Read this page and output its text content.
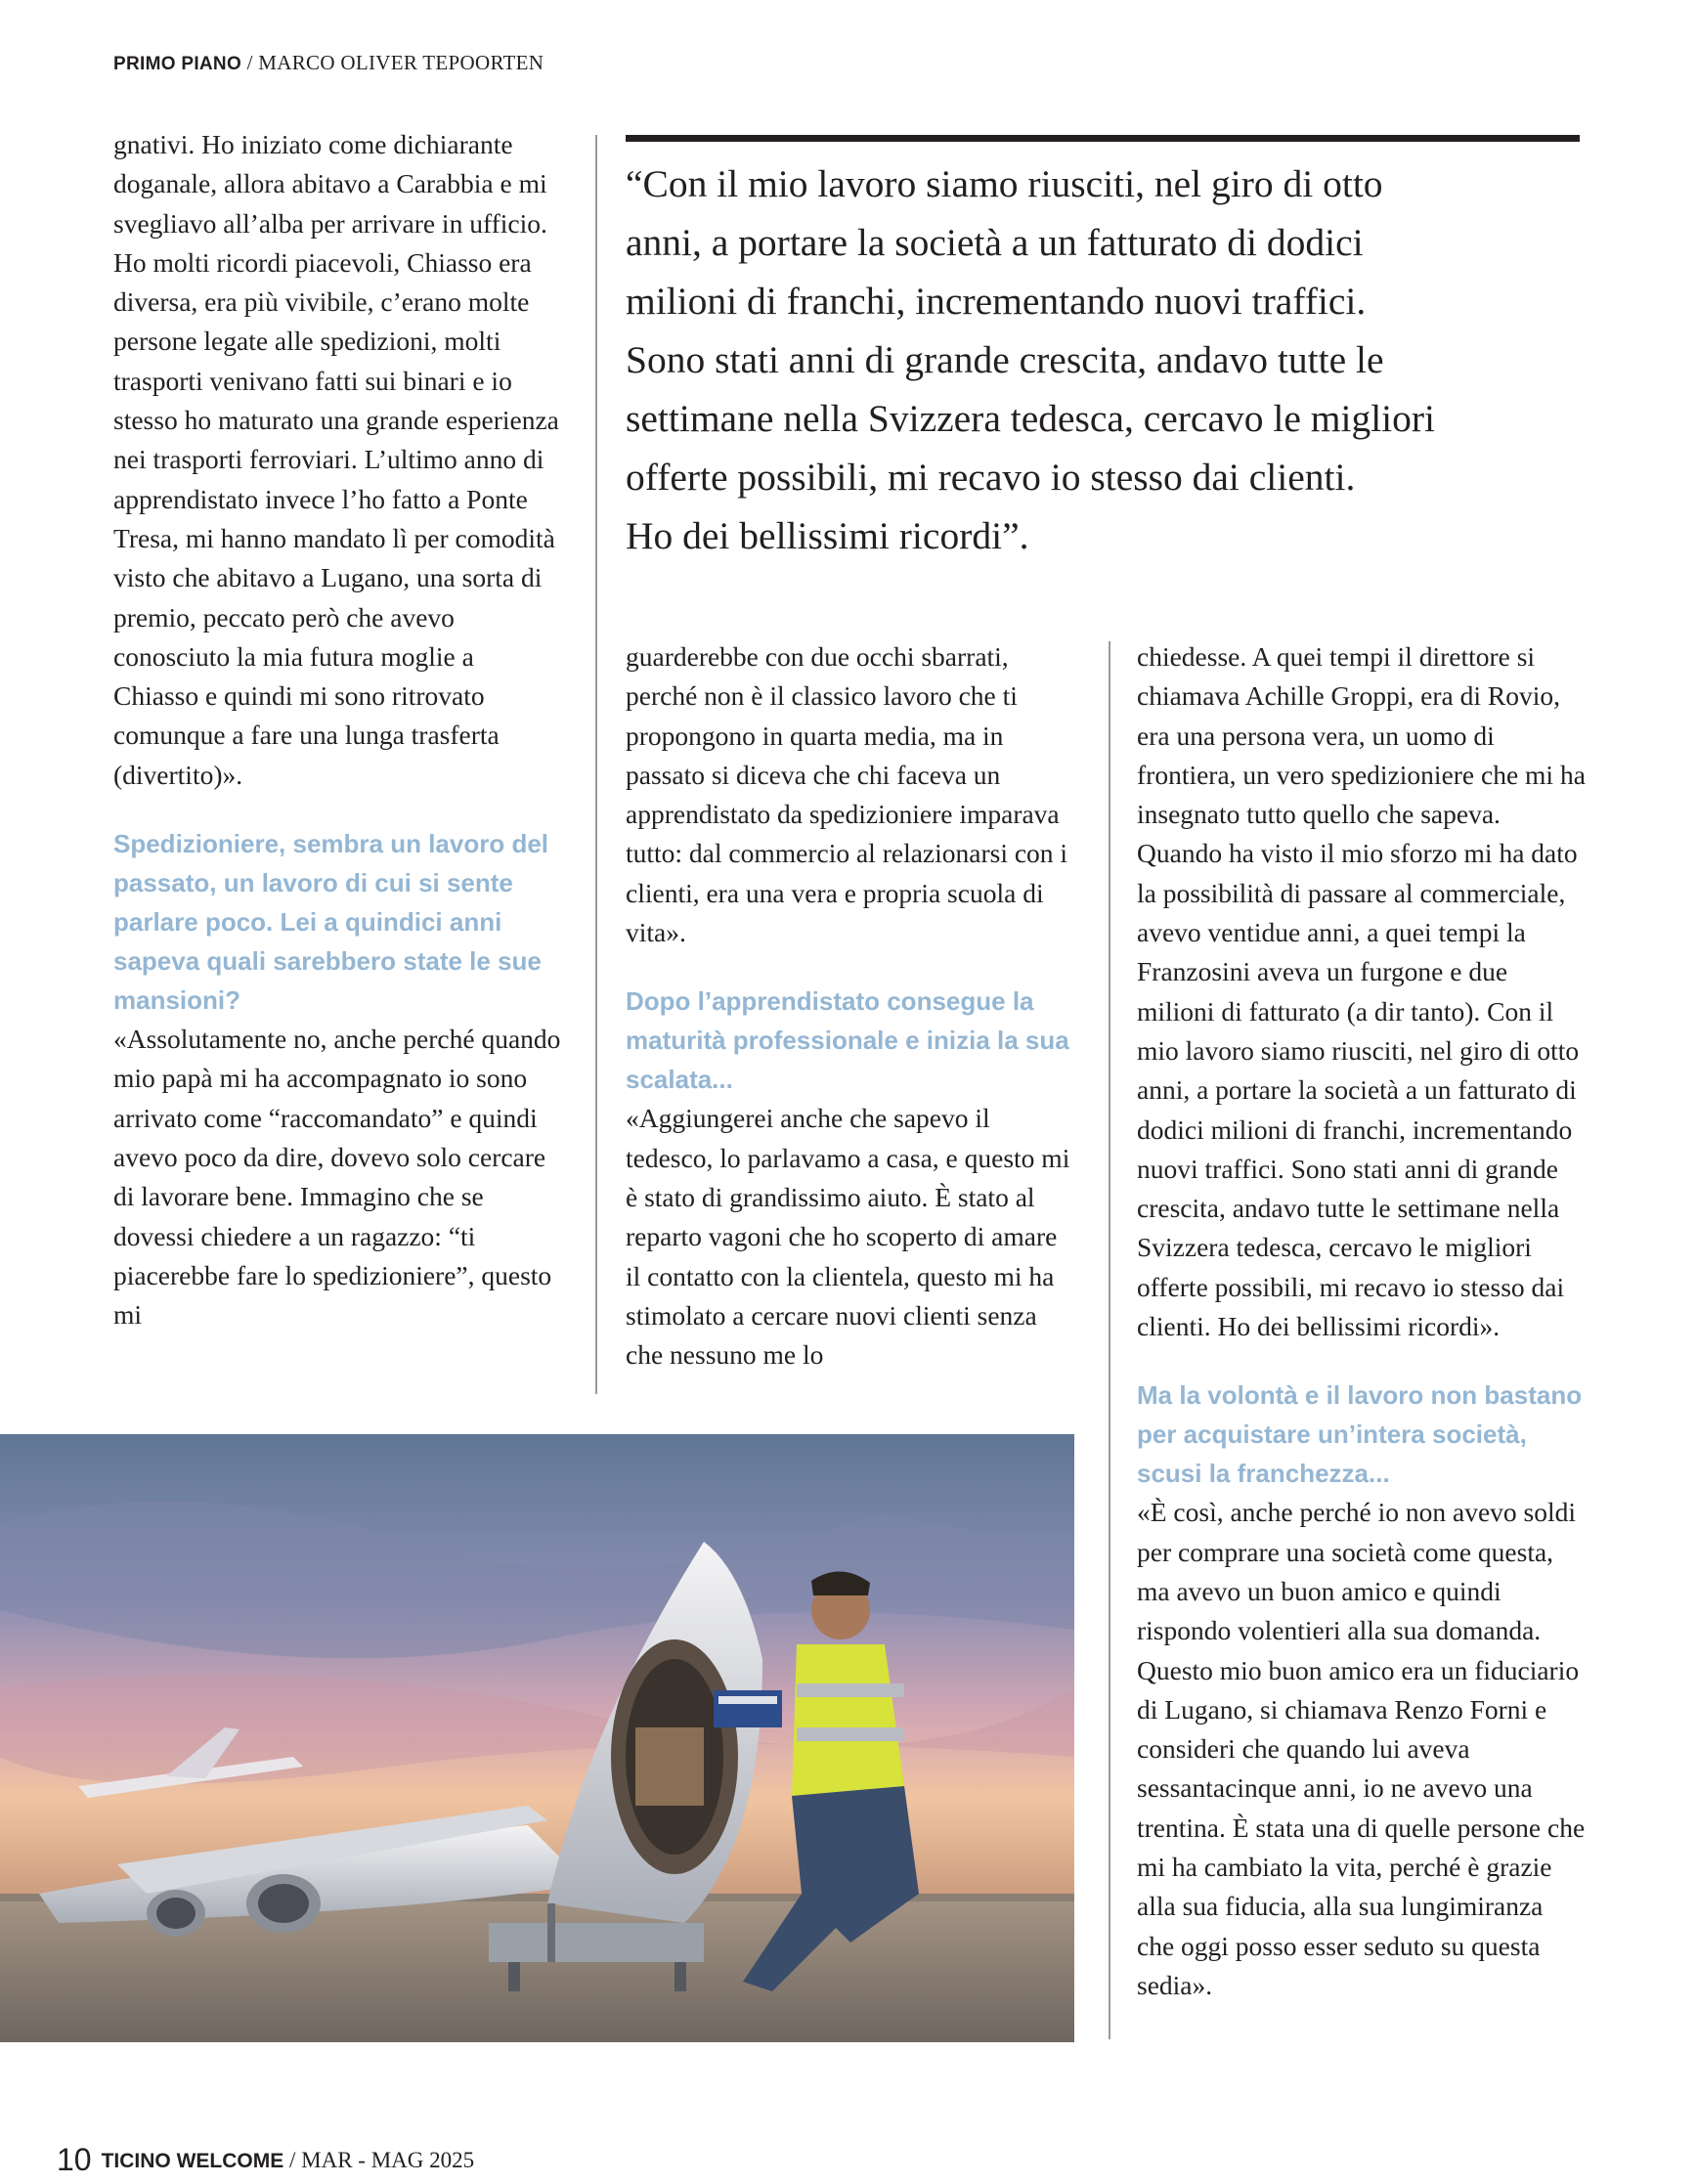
PRIMO PIANO / MARCO OLIVER TEPOORTEN
“Con il mio lavoro siamo riusciti, nel giro di otto
anni, a portare la società a un fatturato di dodici
milioni di franchi, incrementando nuovi traffici.
Sono stati anni di grande crescita, andavo tutte le
settimane nella Svizzera tedesca, cercavo le migliori
offerte possibili, mi recavo io stesso dai clienti.
Ho dei bellissimi ricordi”.

gnativi. Ho iniziato come dichiarante doganale, allora abitavo a Carabbia e mi svegliavo all’alba per arrivare in ufficio. Ho molti ricordi piacevoli, Chiasso era diversa, era più vivibile, c’erano molte persone legate alle spedizioni, molti trasporti venivano fatti sui binari e io stesso ho maturato una grande esperienza nei trasporti ferroviari. L’ultimo anno di apprendistato invece l’ho fatto a Ponte Tresa, mi hanno mandato lì per comodità visto che abitavo a Lugano, una sorta di premio, peccato però che avevo conosciuto la mia futura moglie a Chiasso e quindi mi sono ritrovato comunque a fare una lunga trasferta (divertito)».

Spedizioniere, sembra un lavoro del passato, un lavoro di cui si sente parlare poco. Lei a quindici anni sapeva quali sarebbero state le sue mansioni?

«Assolutamente no, anche perché quando mio papà mi ha accompagnato io sono arrivato come “raccomandato” e quindi avevo poco da dire, dovevo solo cercare di lavorare bene. Immagino che se dovessi chiedere a un ragazzo: “ti piacerebbe fare lo spedizioniere”, questo mi

guarderebbe con due occhi sbarrati, perché non è il classico lavoro che ti propongono in quarta media, ma in passato si diceva che chi faceva un apprendistato da spedizioniere imparava tutto: dal commercio al relazionarsi con i clienti, era una vera e propria scuola di vita».

Dopo l’apprendistato consegue la maturità professionale e inizia la sua scalata...

«Aggiungerei anche che sapevo il tedesco, lo parlavamo a casa, e questo mi è stato di grandissimo aiuto. È stato al reparto vagoni che ho scoperto di amare il contatto con la clientela, questo mi ha stimolato a cercare nuovi clienti senza che nessuno me lo

chiedesse. A quei tempi il direttore si chiamava Achille Groppi, era di Rovio, era una persona vera, un uomo di frontiera, un vero spedizioniere che mi ha insegnato tutto quello che sapeva. Quando ha visto il mio sforzo mi ha dato la possibilità di passare al commerciale, avevo ventidue anni, a quei tempi la Franzosini aveva un furgone e due milioni di fatturato (a dir tanto). Con il mio lavoro siamo riusciti, nel giro di otto anni, a portare la società a un fatturato di dodici milioni di franchi, incrementando nuovi traffici. Sono stati anni di grande crescita, andavo tutte le settimane nella Svizzera tedesca, cercavo le migliori offerte possibili, mi recavo io stesso dai clienti. Ho dei bellissimi ricordi».

Ma la volontà e il lavoro non bastano per acquistare un’intera società, scusi la franchezza...

«È così, anche perché io non avevo soldi per comprare una società come questa, ma avevo un buon amico e quindi rispondo volentieri alla sua domanda. Questo mio buon amico era un fiduciario di Lugano, si chiamava Renzo Forni e consideri che quando lui aveva sessantacinque anni, io ne avevo una trentina. È stata una di quelle persone che mi ha cambiato la vita, perché è grazie alla sua fiducia, alla sua lungimiranza che oggi posso esser seduto su questa sedia».

10 TICINO WELCOME / MAR - MAG 2025
